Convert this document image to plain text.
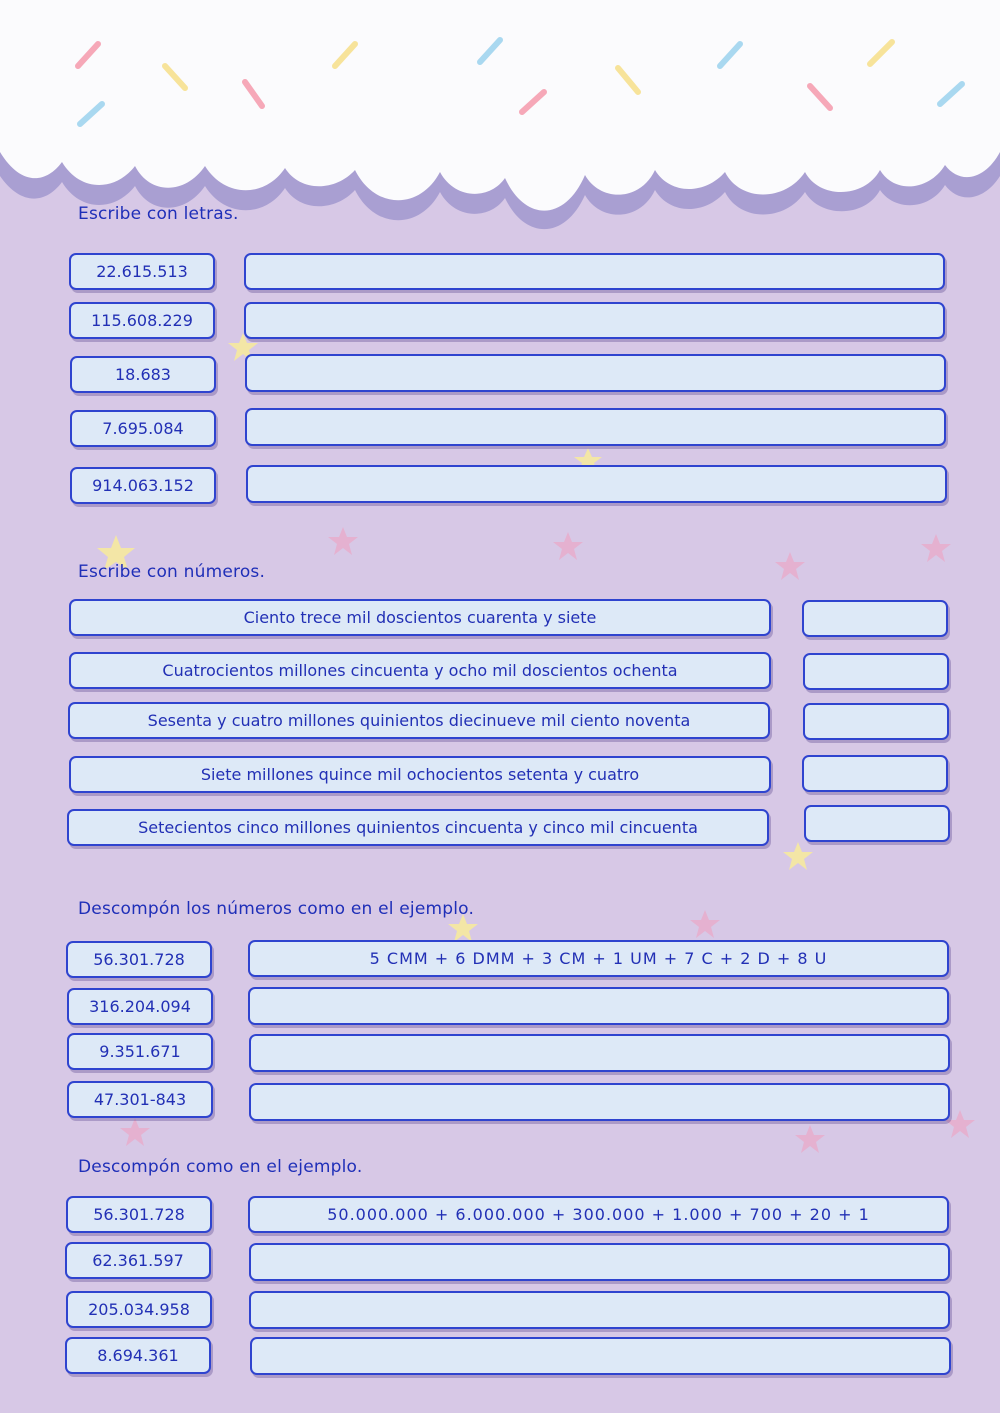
Escribe con letras.
22.615.513
115.608.229
18.683
7.695.084
914.063.152
Escribe con números.
Ciento trece mil doscientos cuarenta y siete
Cuatrocientos millones cincuenta y ocho mil doscientos ochenta
Sesenta y cuatro millones quinientos diecinueve mil ciento noventa
Siete millones quince mil ochocientos setenta y cuatro
Setecientos cinco millones quinientos cincuenta y cinco mil cincuenta
Descompón los números como en el ejemplo.
56.301.728	5 CMM + 6 DMM + 3 CM + 1 UM + 7 C + 2 D + 8 U
316.204.094
9.351.671
47.301-843
Descompón como en el ejemplo.
56.301.728	50.000.000 + 6.000.000 + 300.000 + 1.000 + 700 + 20 + 1
62.361.597
205.034.958
8.694.361
